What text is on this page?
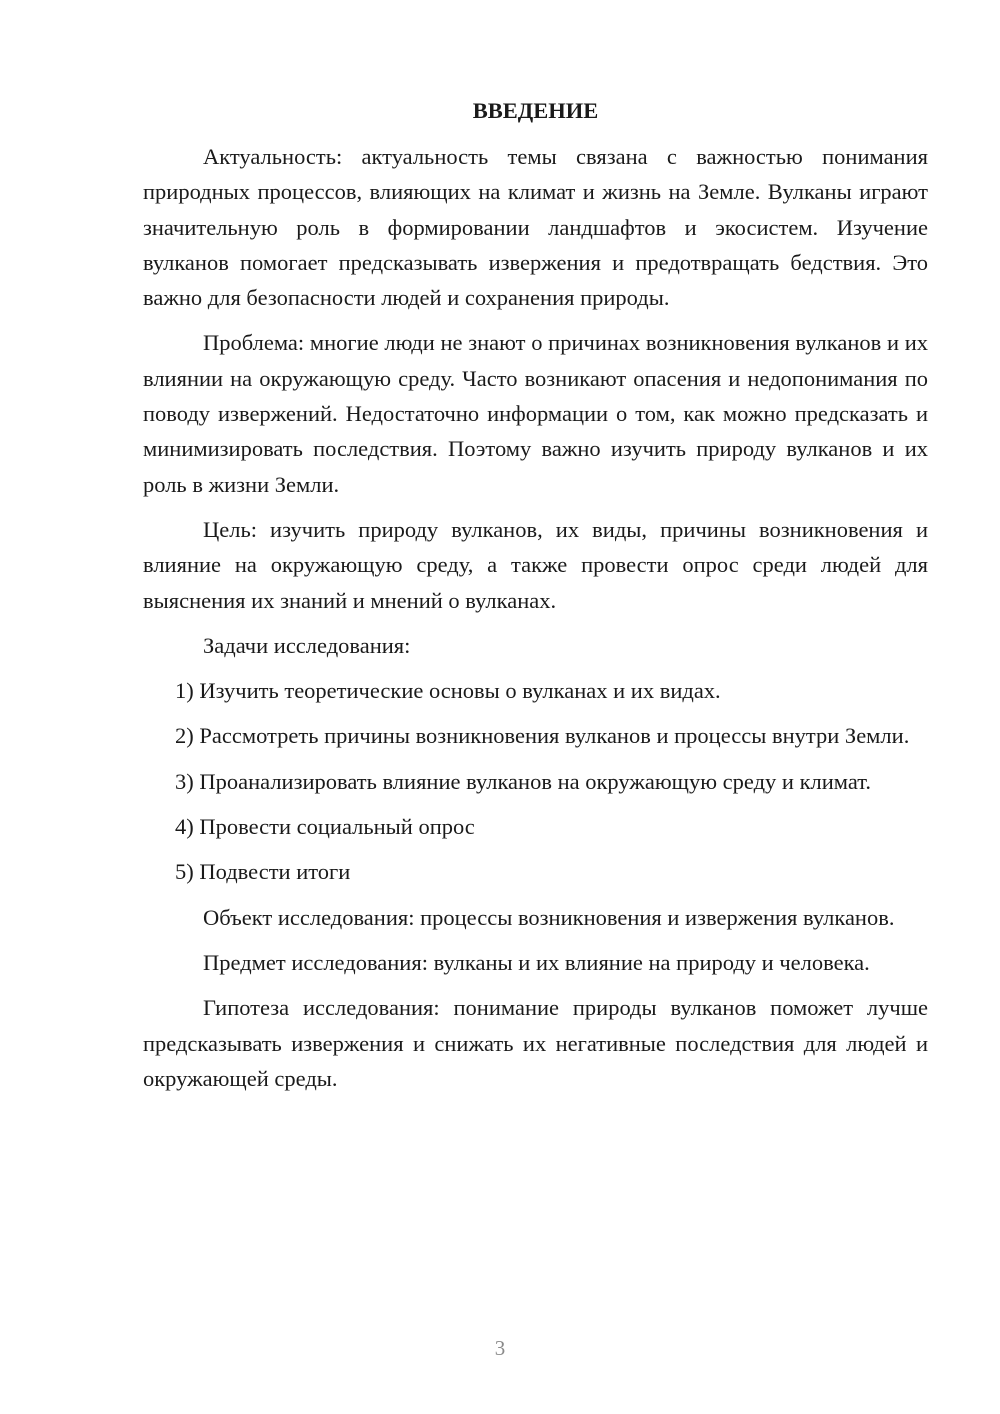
ВВЕДЕНИЕ

Актуальность: актуальность темы связана с важностью понимания природных процессов, влияющих на климат и жизнь на Земле. Вулканы играют значительную роль в формировании ландшафтов и экосистем. Изучение вулканов помогает предсказывать извержения и предотвращать бедствия. Это важно для безопасности людей и сохранения природы.

Проблема: многие люди не знают о причинах возникновения вулканов и их влиянии на окружающую среду. Часто возникают опасения и недопонимания по поводу извержений. Недостаточно информации о том, как можно предсказать и минимизировать последствия. Поэтому важно изучить природу вулканов и их роль в жизни Земли.

Цель: изучить природу вулканов, их виды, причины возникновения и влияние на окружающую среду, а также провести опрос среди людей для выяснения их знаний и мнений о вулканах.

Задачи исследования:

1) Изучить теоретические основы о вулканах и их видах.

2) Рассмотреть причины возникновения вулканов и процессы внутри Земли.

3) Проанализировать влияние вулканов на окружающую среду и климат.

4) Провести социальный опрос

5) Подвести итоги

Объект исследования: процессы возникновения и извержения вулканов.

Предмет исследования: вулканы и их влияние на природу и человека.

Гипотеза исследования: понимание природы вулканов поможет лучше предсказывать извержения и снижать их негативные последствия для людей и окружающей среды.

3
